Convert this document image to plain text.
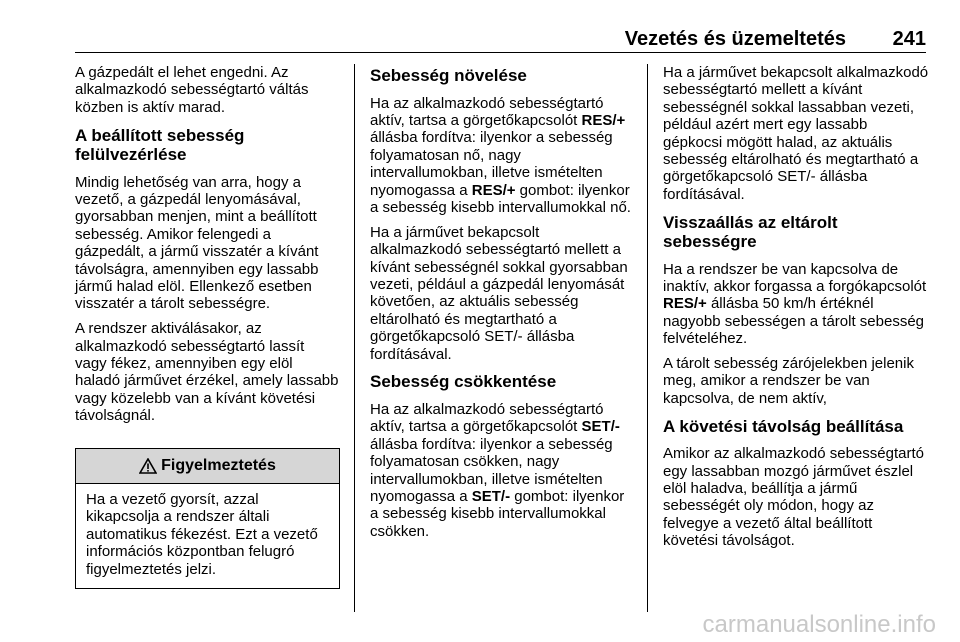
Vezetés és üzemeltetés 241

A gázpedált el lehet engedni. Az alkalmazkodó sebességtartó váltás közben is aktív marad.

A beállított sebesség felülvezérlése

Mindig lehetőség van arra, hogy a vezető, a gázpedál lenyomásával, gyorsabban menjen, mint a beállított sebesség. Amikor felengedi a gázpedált, a jármű visszatér a kívánt távolságra, amennyiben egy lassabb jármű halad elöl. Ellenkező esetben visszatér a tárolt sebességre.

A rendszer aktiválásakor, az alkalmazkodó sebességtartó lassít vagy fékez, amennyiben egy elöl haladó járművet érzékel, amely lassabb vagy közelebb van a kívánt követési távolságnál.

Figyelmeztetés
Ha a vezető gyorsít, azzal kikapcsolja a rendszer általi automatikus fékezést. Ezt a vezető információs központban felugró figyelmeztetés jelzi.
Sebesség növelése

Ha az alkalmazkodó sebességtartó aktív, tartsa a görgetőkapcsolót RES/+ állásba fordítva: ilyenkor a sebesség folyamatosan nő, nagy intervallumokban, illetve ismételten nyomogassa a RES/+ gombot: ilyenkor a sebesség kisebb intervallumokkal nő.

Ha a járművet bekapcsolt alkalmazkodó sebességtartó mellett a kívánt sebességnél sokkal gyorsabban vezeti, például a gázpedál lenyomását követően, az aktuális sebesség eltárolható és megtartható a görgetőkapcsoló SET/- állásba fordításával.

Sebesség csökkentése

Ha az alkalmazkodó sebességtartó aktív, tartsa a görgetőkapcsolót SET/- állásba fordítva: ilyenkor a sebesség folyamatosan csökken, nagy intervallumokban, illetve ismételten nyomogassa a SET/- gombot: ilyenkor a sebesség kisebb intervallumokkal csökken.

Ha a járművet bekapcsolt alkalmazkodó sebességtartó mellett a kívánt sebességnél sokkal lassabban vezeti, például azért mert egy lassabb gépkocsi mögött halad, az aktuális sebesség eltárolható és megtartható a görgetőkapcsoló SET/- állásba fordításával.

Visszaállás az eltárolt sebességre

Ha a rendszer be van kapcsolva de inaktív, akkor forgassa a forgókapcsolót RES/+ állásba 50 km/h értéknél nagyobb sebességen a tárolt sebesség felvételéhez.

A tárolt sebesség zárójelekben jelenik meg, amikor a rendszer be van kapcsolva, de nem aktív,

A követési távolság beállítása

Amikor az alkalmazkodó sebességtartó egy lassabban mozgó járművet észlel elöl haladva, beállítja a jármű sebességét oly módon, hogy az felvegye a vezető által beállított követési távolságot.

carmanualsonline.info
